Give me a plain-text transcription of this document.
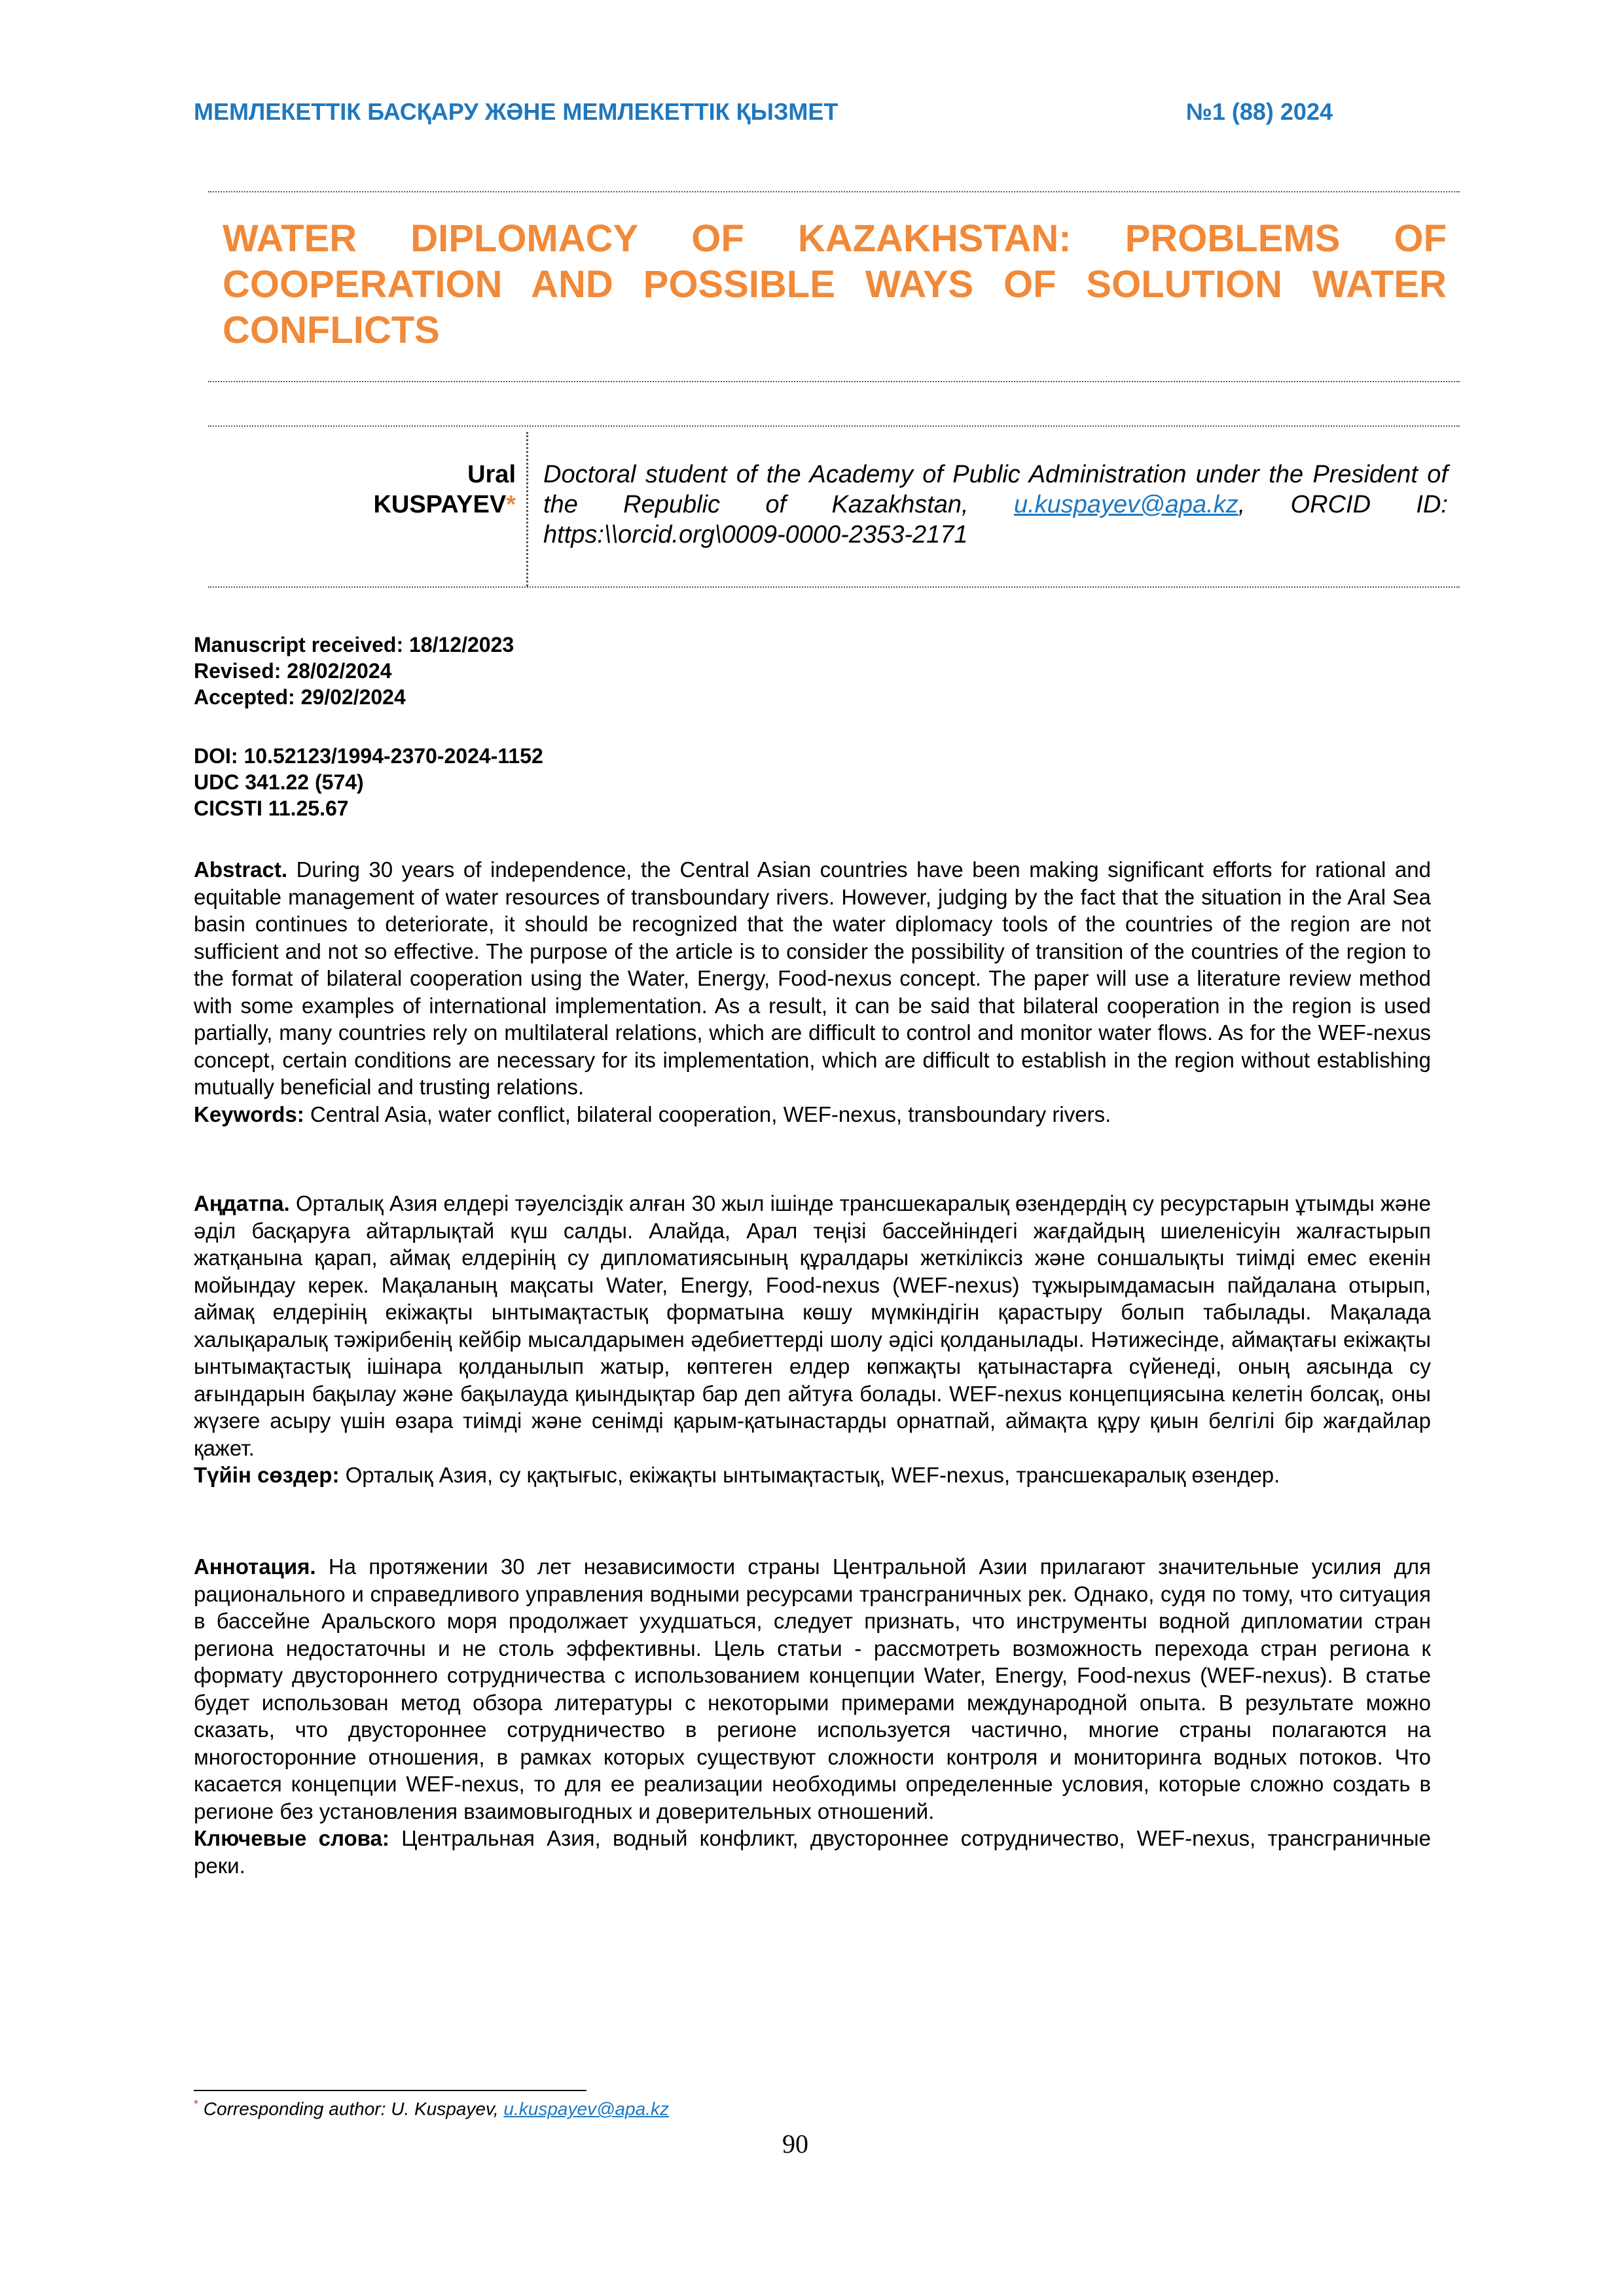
МЕМЛЕКЕТТІК БАСҚАРУ ЖӘНЕ МЕМЛЕКЕТТІК ҚЫЗМЕТ	№1 (88) 2024
WATER DIPLOMACY OF KAZAKHSTAN: PROBLEMS OF COOPERATION AND POSSIBLE WAYS OF SOLUTION WATER CONFLICTS
Ural
KUSPAYEV*
Doctoral student of the Academy of Public Administration under the President of the Republic of Kazakhstan, u.kuspayev@apa.kz, ORCID ID: https:\\orcid.org\0009-0000-2353-2171
Manuscript received: 18/12/2023
Revised: 28/02/2024
Accepted: 29/02/2024
DOI: 10.52123/1994-2370-2024-1152
UDC 341.22 (574)
CICSTI 11.25.67
Abstract. During 30 years of independence, the Central Asian countries have been making significant efforts for rational and equitable management of water resources of transboundary rivers. However, judging by the fact that the situation in the Aral Sea basin continues to deteriorate, it should be recognized that the water diplomacy tools of the countries of the region are not sufficient and not so effective. The purpose of the article is to consider the possibility of transition of the countries of the region to the format of bilateral cooperation using the Water, Energy, Food-nexus concept. The paper will use a literature review method with some examples of international implementation. As a result, it can be said that bilateral cooperation in the region is used partially, many countries rely on multilateral relations, which are difficult to control and monitor water flows. As for the WEF-nexus concept, certain conditions are necessary for its implementation, which are difficult to establish in the region without establishing mutually beneficial and trusting relations.
Keywords: Central Asia, water conflict, bilateral cooperation, WEF-nexus, transboundary rivers.
Аңдатпа. Орталық Азия елдері тәуелсіздік алған 30 жыл ішінде трансшекаралық өзендердің су ресурстарын ұтымды және әділ басқаруға айтарлықтай күш салды. Алайда, Арал теңізі бассейніндегі жағдайдың шиеленісуін жалғастырып жатқанына қарап, аймақ елдерінің су дипломатиясының құралдары жеткіліксіз және соншалықты тиімді емес екенін мойындау керек. Мақаланың мақсаты Water, Energy, Food-nexus (WEF-nexus) тұжырымдамасын пайдалана отырып, аймақ елдерінің екіжақты ынтымақтастық форматына көшу мүмкіндігін қарастыру болып табылады. Мақалада халықаралық тәжірибенің кейбір мысалдарымен әдебиеттерді шолу әдісі қолданылады. Нәтижесінде, аймақтағы екіжақты ынтымақтастық ішінара қолданылып жатыр, көптеген елдер көпжақты қатынастарға сүйенеді, оның аясында су ағындарын бақылау және бақылауда қиындықтар бар деп айтуға болады. WEF-nexus концепциясына келетін болсақ, оны жүзеге асыру үшін өзара тиімді және сенімді қарым-қатынастарды орнатпай, аймақта құру қиын белгілі бір жағдайлар қажет.
Түйін сөздер: Орталық Азия, су қақтығыс, екіжақты ынтымақтастық, WEF-nexus, трансшекаралық өзендер.
Аннотация. На протяжении 30 лет независимости страны Центральной Азии прилагают значительные усилия для рационального и справедливого управления водными ресурсами трансграничных рек. Однако, судя по тому, что ситуация в бассейне Аральского моря продолжает ухудшаться, следует признать, что инструменты водной дипломатии стран региона недостаточны и не столь эффективны. Цель статьи - рассмотреть возможность перехода стран региона к формату двустороннего сотрудничества с использованием концепции Water, Energy, Food-nexus (WEF-nexus). В статье будет использован метод обзора литературы с некоторыми примерами международной опыта. В результате можно сказать, что двустороннее сотрудничество в регионе используется частично, многие страны полагаются на многосторонние отношения, в рамках которых существуют сложности контроля и мониторинга водных потоков. Что касается концепции WEF-nexus, то для ее реализации необходимы определенные условия, которые сложно создать в регионе без установления взаимовыгодных и доверительных отношений.
Ключевые слова: Центральная Азия, водный конфликт, двустороннее сотрудничество, WEF-nexus, трансграничные реки.
* Corresponding author: U. Kuspayev, u.kuspayev@apa.kz
90
